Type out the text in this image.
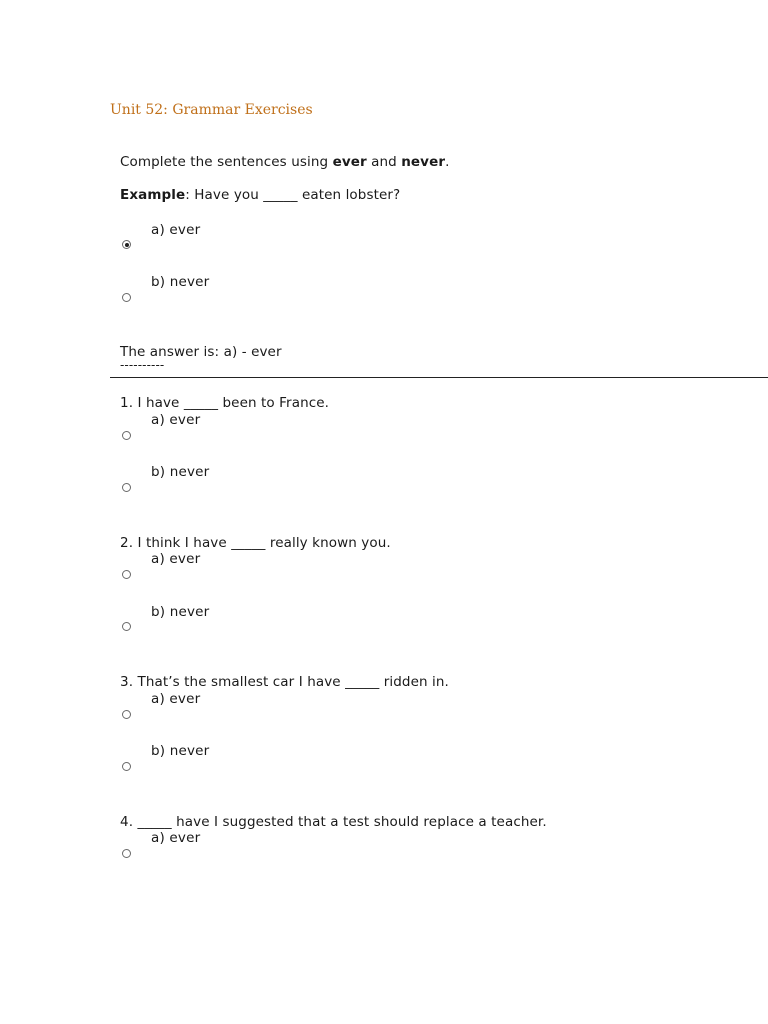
Unit 52: Grammar Exercises
Complete the sentences using ever and never.
Example: Have you _____ eaten lobster?
a) ever
b) never
The answer is: a) - ever
----------
1. I have _____ been to France.
a) ever
b) never
2. I think I have _____ really known you.
a) ever
b) never
3. That’s the smallest car I have _____ ridden in.
a) ever
b) never
4. _____ have I suggested that a test should replace a teacher.
a) ever
